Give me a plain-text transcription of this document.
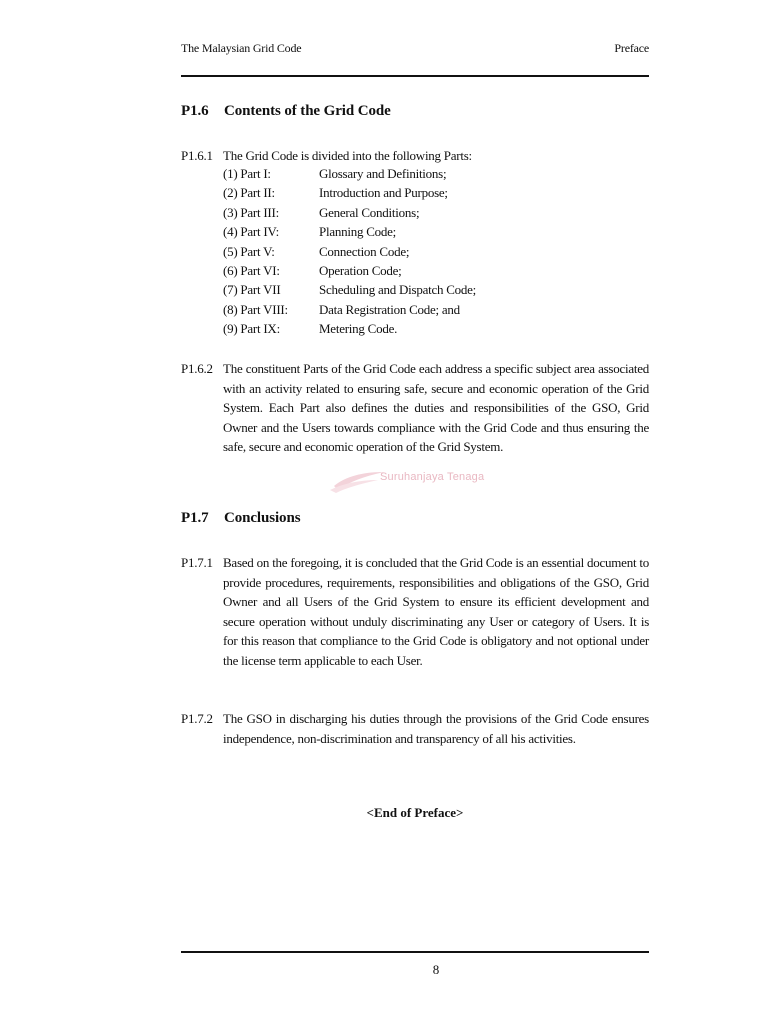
The Malaysian Grid Code	Preface
P1.6 Contents of the Grid Code
P1.6.1 The Grid Code is divided into the following Parts:
(1) Part I:	Glossary and Definitions;
(2) Part II:	Introduction and Purpose;
(3) Part III:	General Conditions;
(4) Part IV:	Planning Code;
(5) Part V:	Connection Code;
(6) Part VI:	Operation Code;
(7) Part VII	Scheduling and Dispatch Code;
(8) Part VIII: Data Registration Code; and
(9) Part IX:	Metering Code.
P1.6.2 The constituent Parts of the Grid Code each address a specific subject area associated with an activity related to ensuring safe, secure and economic operation of the Grid System. Each Part also defines the duties and responsibilities of the GSO, Grid Owner and the Users towards compliance with the Grid Code and thus ensuring the safe, secure and economic operation of the Grid System.
Suruhanjaya Tenaga
P1.7 Conclusions
P1.7.1 Based on the foregoing, it is concluded that the Grid Code is an essential document to provide procedures, requirements, responsibilities and obligations of the GSO, Grid Owner and all Users of the Grid System to ensure its efficient development and secure operation without unduly discriminating any User or category of Users. It is for this reason that compliance to the Grid Code is obligatory and not optional under the license term applicable to each User.
P1.7.2 The GSO in discharging his duties through the provisions of the Grid Code ensures independence, non-discrimination and transparency of all his activities.
<End of Preface>
8
